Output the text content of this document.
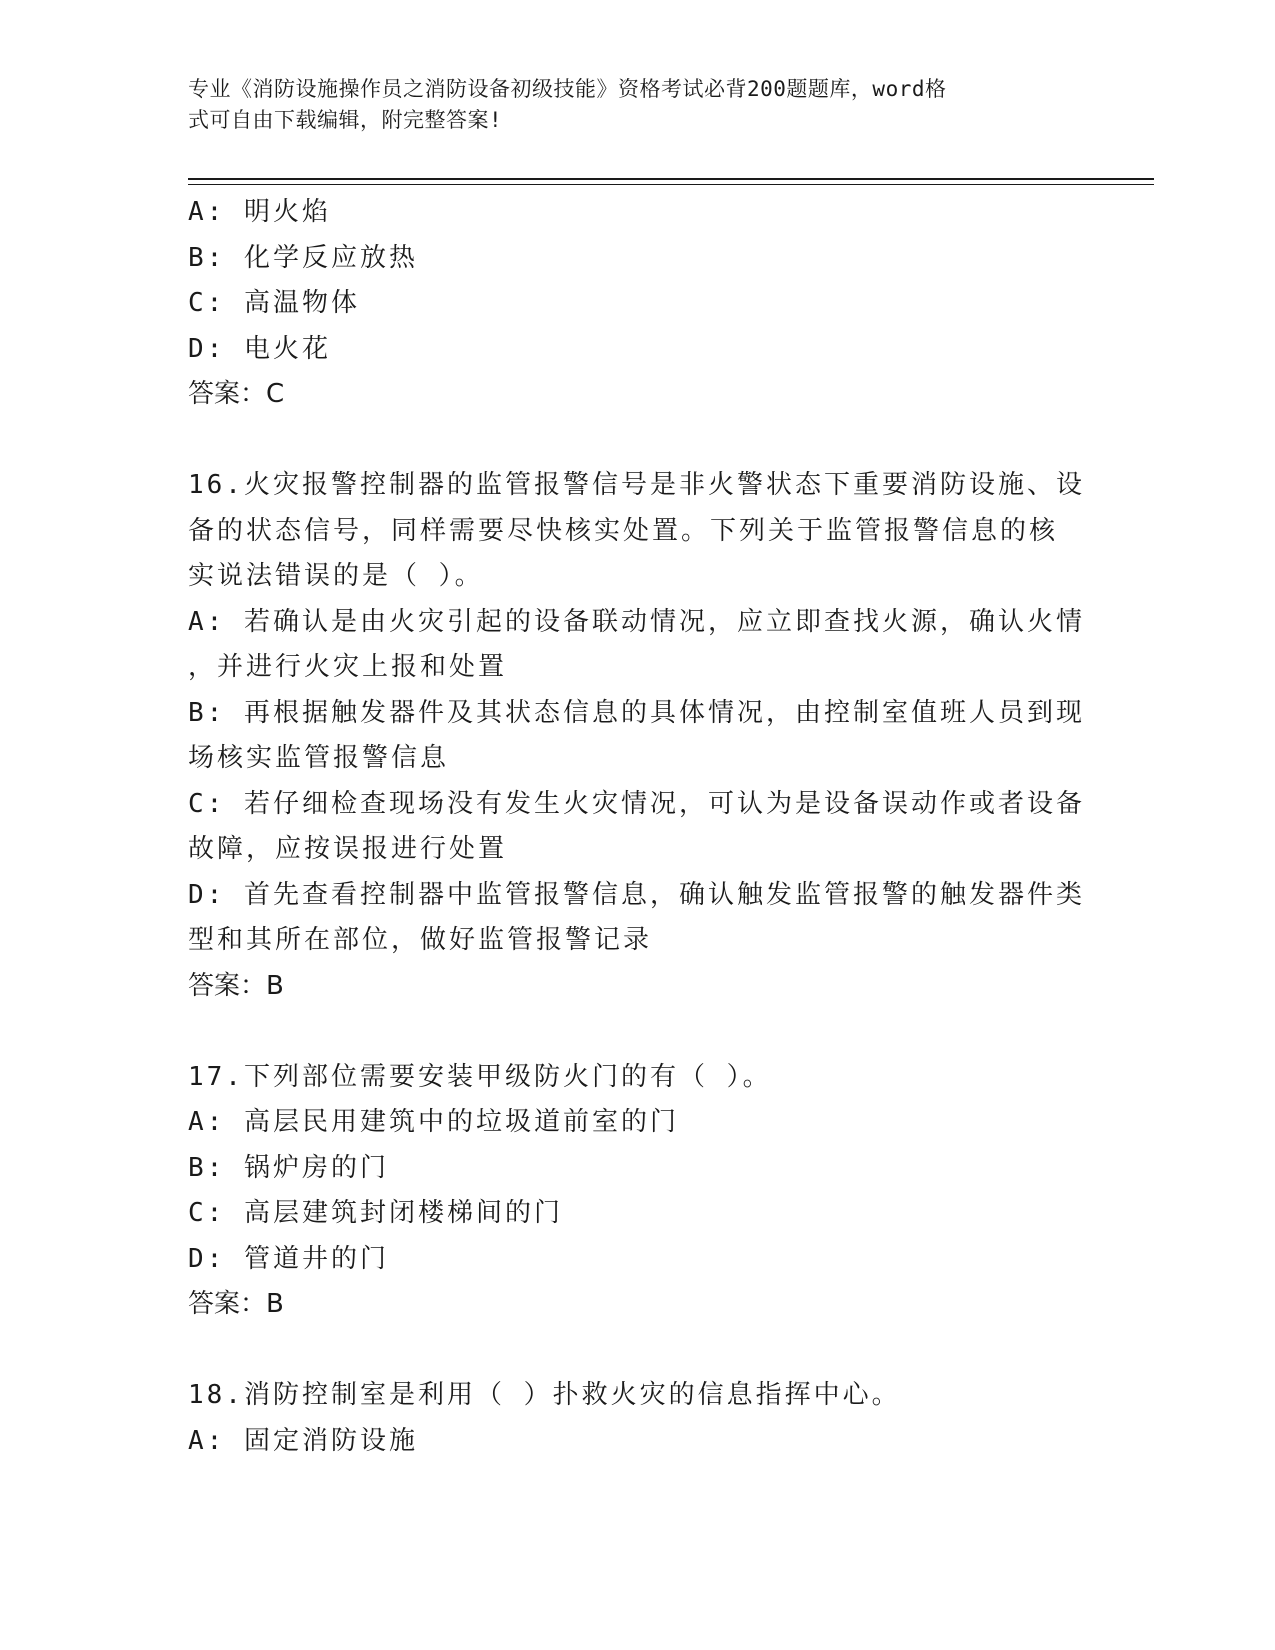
专业《消防设施操作员之消防设备初级技能》资格考试必背200题题库，word格
式可自由下载编辑，附完整答案!
A: 明火焰
B: 化学反应放热
C: 高温物体
D: 电火花
答案：C
16.火灾报警控制器的监管报警信号是非火警状态下重要消防设施、设
备的状态信号，同样需要尽快核实处置。下列关于监管报警信息的核
实说法错误的是（ ）。
A: 若确认是由火灾引起的设备联动情况，应立即查找火源，确认火情
，并进行火灾上报和处置
B: 再根据触发器件及其状态信息的具体情况，由控制室值班人员到现
场核实监管报警信息
C: 若仔细检查现场没有发生火灾情况，可认为是设备误动作或者设备
故障，应按误报进行处置
D: 首先查看控制器中监管报警信息，确认触发监管报警的触发器件类
型和其所在部位，做好监管报警记录
答案：B
17.下列部位需要安装甲级防火门的有（ ）。
A: 高层民用建筑中的垃圾道前室的门
B: 锅炉房的门
C: 高层建筑封闭楼梯间的门
D: 管道井的门
答案：B
18.消防控制室是利用（ ）扑救火灾的信息指挥中心。
A: 固定消防设施
